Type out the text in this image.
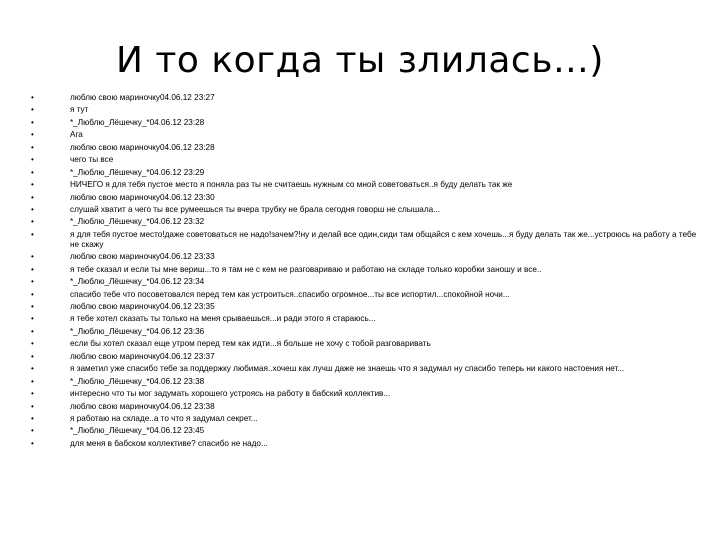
И то когда ты злилась…)
•	люблю свою мариночку04.06.12 23:27
•	я тут
•	*_Люблю_Лёшечку_*04.06.12 23:28
•	Ага
•	люблю свою мариночку04.06.12 23:28
•	чего ты все
•	*_Люблю_Лёшечку_*04.06.12 23:29
•	НИЧЕГО я для тебя пустое место я поняла раз ты не считаешь нужным со мной советоваться..я буду делать так же
•	люблю свою мариночку04.06.12 23:30
•	слушай хватит а чего ты все румеешься ты вчера трубку не брала сегодня говорш не слышала...
•	*_Люблю_Лёшечку_*04.06.12 23:32
•	я для тебя пустое место!даже советоваться не надо!зачем?!ну и делай все один,сиди там общайся с кем хочешь...я буду делать так же...устроюсь на работу а тебе не скажу
•	люблю свою мариночку04.06.12 23:33
•	я тебе сказал и если ты мне вериш...то я там не с кем не разговариваю и работаю на складе только коробки заношу и все..
•	*_Люблю_Лёшечку_*04.06.12 23:34
•	спасибо тебе что посоветовался перед тем как устроиться..спасибо огромное...ты все испортил...спокойной ночи...
•	люблю свою мариночку04.06.12 23:35
•	я тебе хотел сказать ты только на меня срываешься...и ради этого я стараюсь...
•	*_Люблю_Лёшечку_*04.06.12 23:36
•	если бы хотел сказал еще утром перед тем как идти...я больше не хочу с тобой разговаривать
•	люблю свою мариночку04.06.12 23:37
•	я заметил уже спасибо тебе за поддержку любимая..хочеш как лучш даже не знаешь что я задумал ну спасибо теперь ни какого настоения нет...
•	*_Люблю_Лёшечку_*04.06.12 23:38
•	интересно что ты мог задумать хорошего устроясь на работу в бабский коллектив...
•	люблю свою мариночку04.06.12 23:38
•	я работаю на складе..а то что я задумал секрет...
•	*_Люблю_Лёшечку_*04.06.12 23:45
•	для меня в бабском коллективе? спасибо не надо...
